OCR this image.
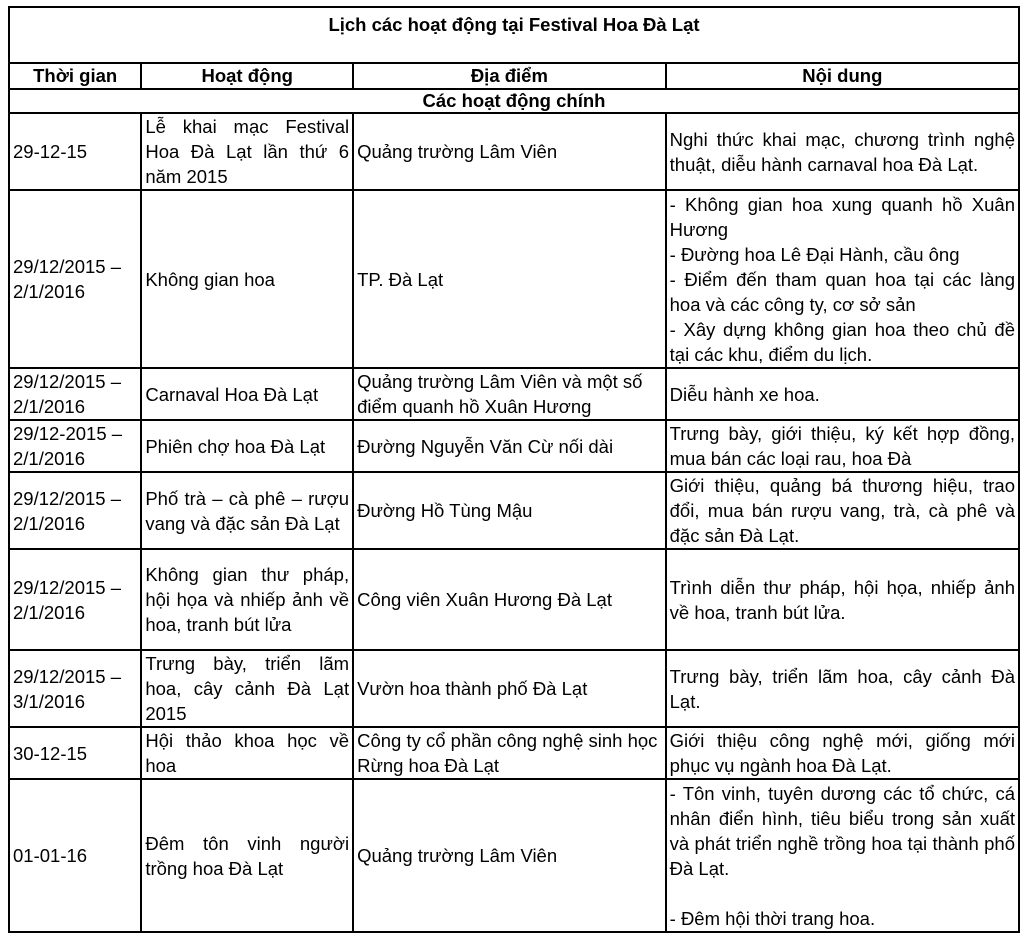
Lịch các hoạt động tại Festival Hoa Đà Lạt			
Thời gian	Hoạt động	Địa điểm	Nội dung
Các hoạt động chính			

29-12-15	Lễ khai mạc Festival Hoa Đà Lạt lần thứ 6 năm 2015	Quảng trường Lâm Viên	Nghi thức khai mạc, chương trình nghệ thuật, diễu hành carnaval hoa Đà Lạt.

29/12/2015 –
2/1/2016	Không gian hoa	TP. Đà Lạt	- Không gian hoa xung quanh hồ Xuân Hương
- Đường hoa Lê Đại Hành, cầu ông
- Điểm đến tham quan hoa tại các làng hoa và các công ty, cơ sở sản
- Xây dựng không gian hoa theo chủ đề tại các khu, điểm du lịch.

29/12/2015 –
2/1/2016	Carnaval Hoa Đà Lạt	Quảng trường Lâm Viên và một số điểm quanh hồ Xuân Hương	Diễu hành xe hoa.

29/12-2015 –
2/1/2016	Phiên chợ hoa Đà Lạt	Đường Nguyễn Văn Cừ nối dài	Trưng bày, giới thiệu, ký kết hợp đồng, mua bán các loại rau, hoa Đà

29/12/2015 –
2/1/2016	Phố trà – cà phê – rượu vang và đặc sản Đà Lạt	Đường Hồ Tùng Mậu	Giới thiệu, quảng bá thương hiệu, trao đổi, mua bán rượu vang, trà, cà phê và đặc sản Đà Lạt.

29/12/2015 –
2/1/2016	Không gian thư pháp, hội họa và nhiếp ảnh về hoa, tranh bút lửa	Công viên Xuân Hương Đà Lạt	Trình diễn thư pháp, hội họa, nhiếp ảnh về hoa, tranh bút lửa.

29/12/2015 –
3/1/2016	Trưng bày, triển lãm hoa, cây cảnh Đà Lạt 2015	Vườn hoa thành phố Đà Lạt	Trưng bày, triển lãm hoa, cây cảnh Đà Lạt.

30-12-15	Hội thảo khoa học về hoa	Công ty cổ phần công nghệ sinh học Rừng hoa Đà Lạt	Giới thiệu công nghệ mới, giống mới phục vụ ngành hoa Đà Lạt.

01-01-16	Đêm tôn vinh người trồng hoa Đà Lạt	Quảng trường Lâm Viên	- Tôn vinh, tuyên dương các tổ chức, cá nhân điển hình, tiêu biểu trong sản xuất và phát triển nghề trồng hoa tại thành phố Đà Lạt.

- Đêm hội thời trang hoa.
